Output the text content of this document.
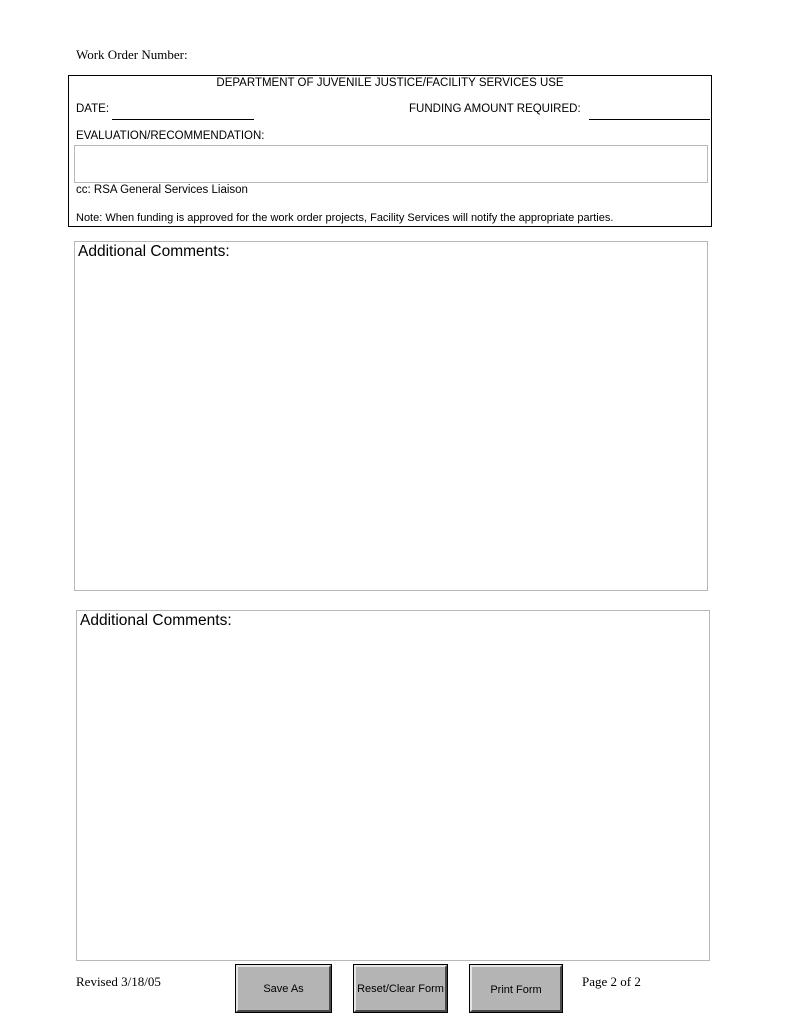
Work Order Number:
DEPARTMENT OF JUVENILE JUSTICE/FACILITY SERVICES USE
DATE:	FUNDING AMOUNT REQUIRED:
EVALUATION/RECOMMENDATION:
cc: RSA General Services Liaison
Note: When funding is approved for the work order projects, Facility Services will notify the appropriate parties.
Additional Comments:
Additional Comments:
Revised 3/18/05	Save As	Reset/Clear Form	Print Form
Page 2 of 2
